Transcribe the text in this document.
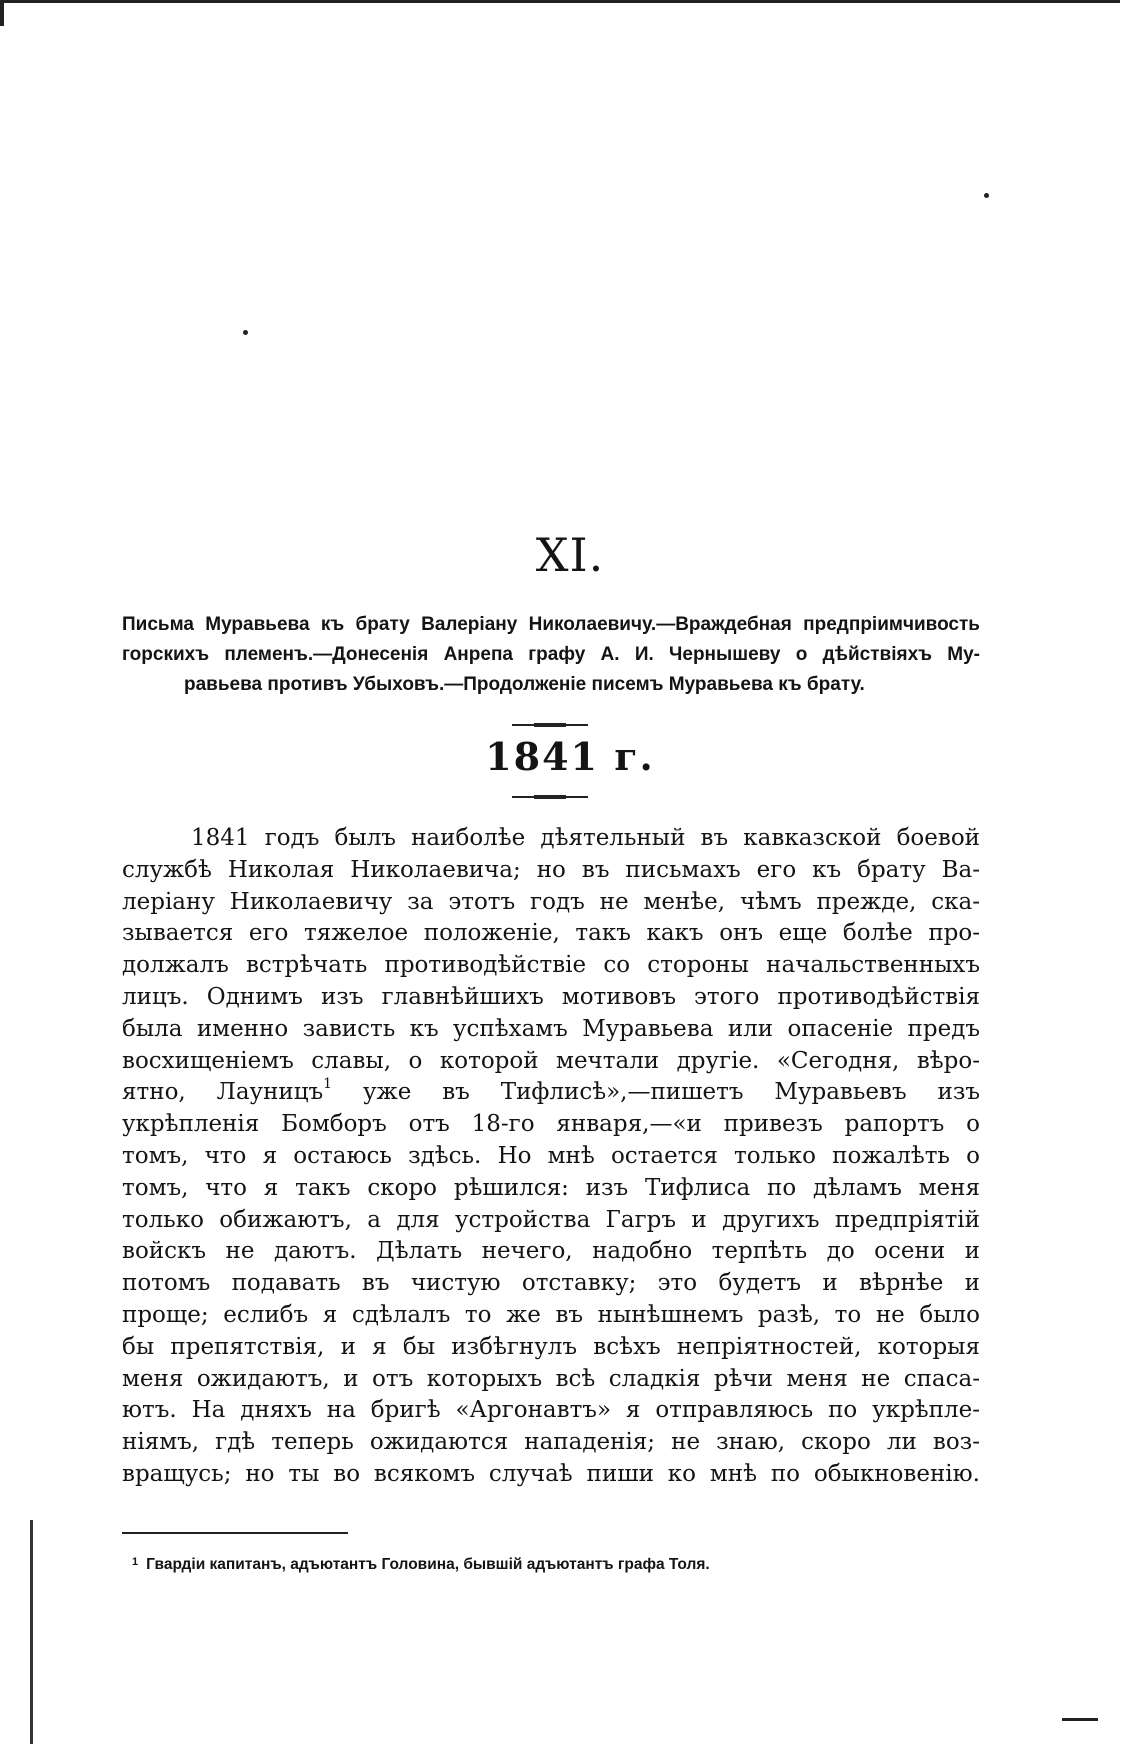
XI.
Письма Муравьева къ брату Валеріану Николаевичу.—Враждебная предпріимчивость
горскихъ племенъ.—Донесенія Анрепа графу А. И. Чернышеву о дѣйствіяхъ Му-
равьева противъ Убыховъ.—Продолженіе писемъ Муравьева къ брату.
1841 г.
1841 годъ былъ наиболѣе дѣятельный въ кавказской боевой
службѣ Николая Николаевича; но въ письмахъ его къ брату Ва-
леріану Николаевичу за этотъ годъ не менѣе, чѣмъ прежде, ска-
зывается его тяжелое положеніе, такъ какъ онъ еще болѣе про-
должалъ встрѣчать противодѣйствіе со стороны начальственныхъ
лицъ. Однимъ изъ главнѣйшихъ мотивовъ этого противодѣйствія
была именно зависть къ успѣхамъ Муравьева или опасеніе предъ
восхищеніемъ славы, о которой мечтали другіе. «Сегодня, вѣро-
ятно, Лауницъ$^1$ уже въ Тифлисѣ»,—пишетъ Муравьевъ изъ
укрѣпленія Бомборъ отъ 18-го января,—«и привезъ рапортъ о
томъ, что я остаюсь здѣсь. Но мнѣ остается только пожалѣть о
томъ, что я такъ скоро рѣшился: изъ Тифлиса по дѣламъ меня
только обижаютъ, а для устройства Гагръ и другихъ предпріятій
войскъ не даютъ. Дѣлать нечего, надобно терпѣть до осени и
потомъ подавать въ чистую отставку; это будетъ и вѣрнѣе и
проще; еслибъ я сдѣлалъ то же въ нынѣшнемъ разѣ, то не было
бы препятствія, и я бы избѣгнулъ всѣхъ непріятностей, которыя
меня ожидаютъ, и отъ которыхъ всѣ сладкія рѣчи меня не спаса-
ютъ. На дняхъ на бригѣ «Аргонавтъ» я отправляюсь по укрѣпле-
ніямъ, гдѣ теперь ожидаются нападенія; не знаю, скоро ли воз-
вращусь; но ты во всякомъ случаѣ пиши ко мнѣ по обыкновенію.
$^1$ Гвардіи капитанъ, адъютантъ Головина, бывшій адъютантъ графа Толя.
